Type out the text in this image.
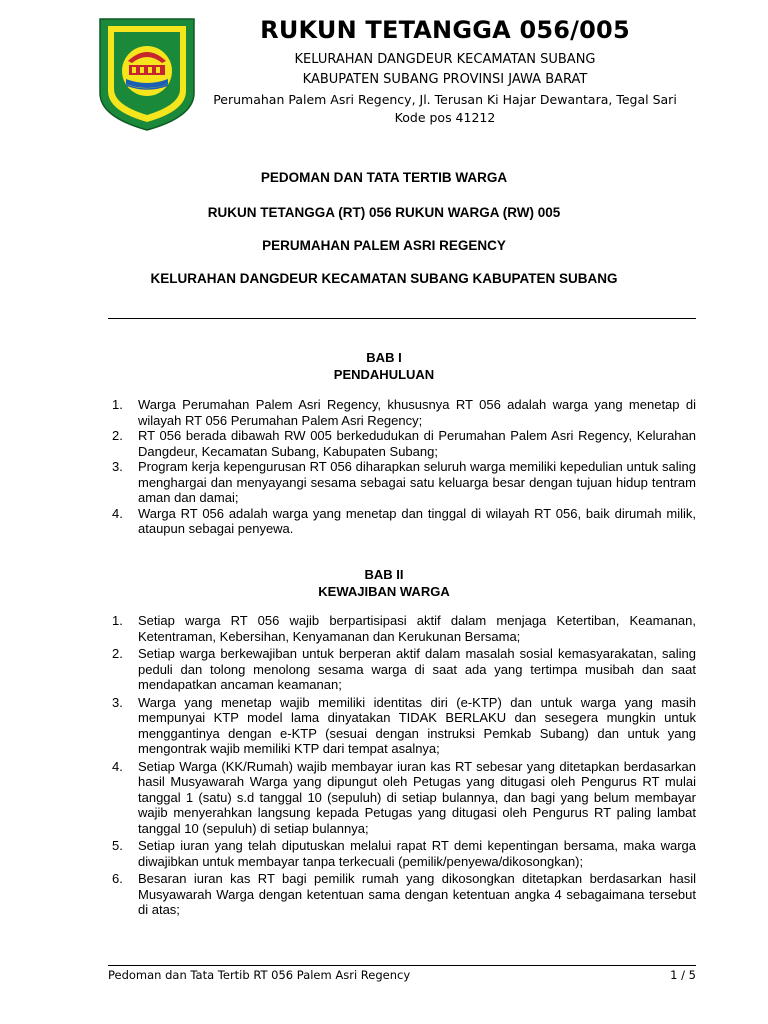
RUKUN TETANGGA 056/005
KELURAHAN DANGDEUR KECAMATAN SUBANG
KABUPATEN SUBANG PROVINSI JAWA BARAT
Perumahan Palem Asri Regency, Jl. Terusan Ki Hajar Dewantara, Tegal Sari
Kode pos 41212
PEDOMAN DAN TATA TERTIB WARGA
RUKUN TETANGGA (RT) 056 RUKUN WARGA (RW) 005
PERUMAHAN PALEM ASRI REGENCY
KELURAHAN DANGDEUR KECAMATAN SUBANG KABUPATEN SUBANG
BAB I
PENDAHULUAN
1. Warga Perumahan Palem Asri Regency, khususnya RT 056 adalah warga yang menetap di wilayah RT 056 Perumahan Palem Asri Regency;
2. RT 056 berada dibawah RW 005 berkedudukan di Perumahan Palem Asri Regency, Kelurahan Dangdeur, Kecamatan Subang, Kabupaten Subang;
3. Program kerja kepengurusan RT 056 diharapkan seluruh warga memiliki kepedulian untuk saling menghargai dan menyayangi sesama sebagai satu keluarga besar dengan tujuan hidup tentram aman dan damai;
4. Warga RT 056 adalah warga yang menetap dan tinggal di wilayah RT 056, baik dirumah milik, ataupun sebagai penyewa.
BAB II
KEWAJIBAN WARGA
1. Setiap warga RT 056 wajib berpartisipasi aktif dalam menjaga Ketertiban, Keamanan, Ketentraman, Kebersihan, Kenyamanan dan Kerukunan Bersama;
2. Setiap warga berkewajiban untuk berperan aktif dalam masalah sosial kemasyarakatan, saling peduli dan tolong menolong sesama warga di saat ada yang tertimpa musibah dan saat mendapatkan ancaman keamanan;
3. Warga yang menetap wajib memiliki identitas diri (e-KTP) dan untuk warga yang masih mempunyai KTP model lama dinyatakan TIDAK BERLAKU dan sesegera mungkin untuk menggantinya dengan e-KTP (sesuai dengan instruksi Pemkab Subang) dan untuk yang mengontrak wajib memiliki KTP dari tempat asalnya;
4. Setiap Warga (KK/Rumah) wajib membayar iuran kas RT sebesar yang ditetapkan berdasarkan hasil Musyawarah Warga yang dipungut oleh Petugas yang ditugasi oleh Pengurus RT mulai tanggal 1 (satu) s.d tanggal 10 (sepuluh) di setiap bulannya, dan bagi yang belum membayar wajib menyerahkan langsung kepada Petugas yang ditugasi oleh Pengurus RT paling lambat tanggal 10 (sepuluh) di setiap bulannya;
5. Setiap iuran yang telah diputuskan melalui rapat RT demi kepentingan bersama, maka warga diwajibkan untuk membayar tanpa terkecuali (pemilik/penyewa/dikosongkan);
6. Besaran iuran kas RT bagi pemilik rumah yang dikosongkan ditetapkan berdasarkan hasil Musyawarah Warga dengan ketentuan sama dengan ketentuan angka 4 sebagaimana tersebut di atas;
Pedoman dan Tata Tertib RT 056 Palem Asri Regency	1 / 5
